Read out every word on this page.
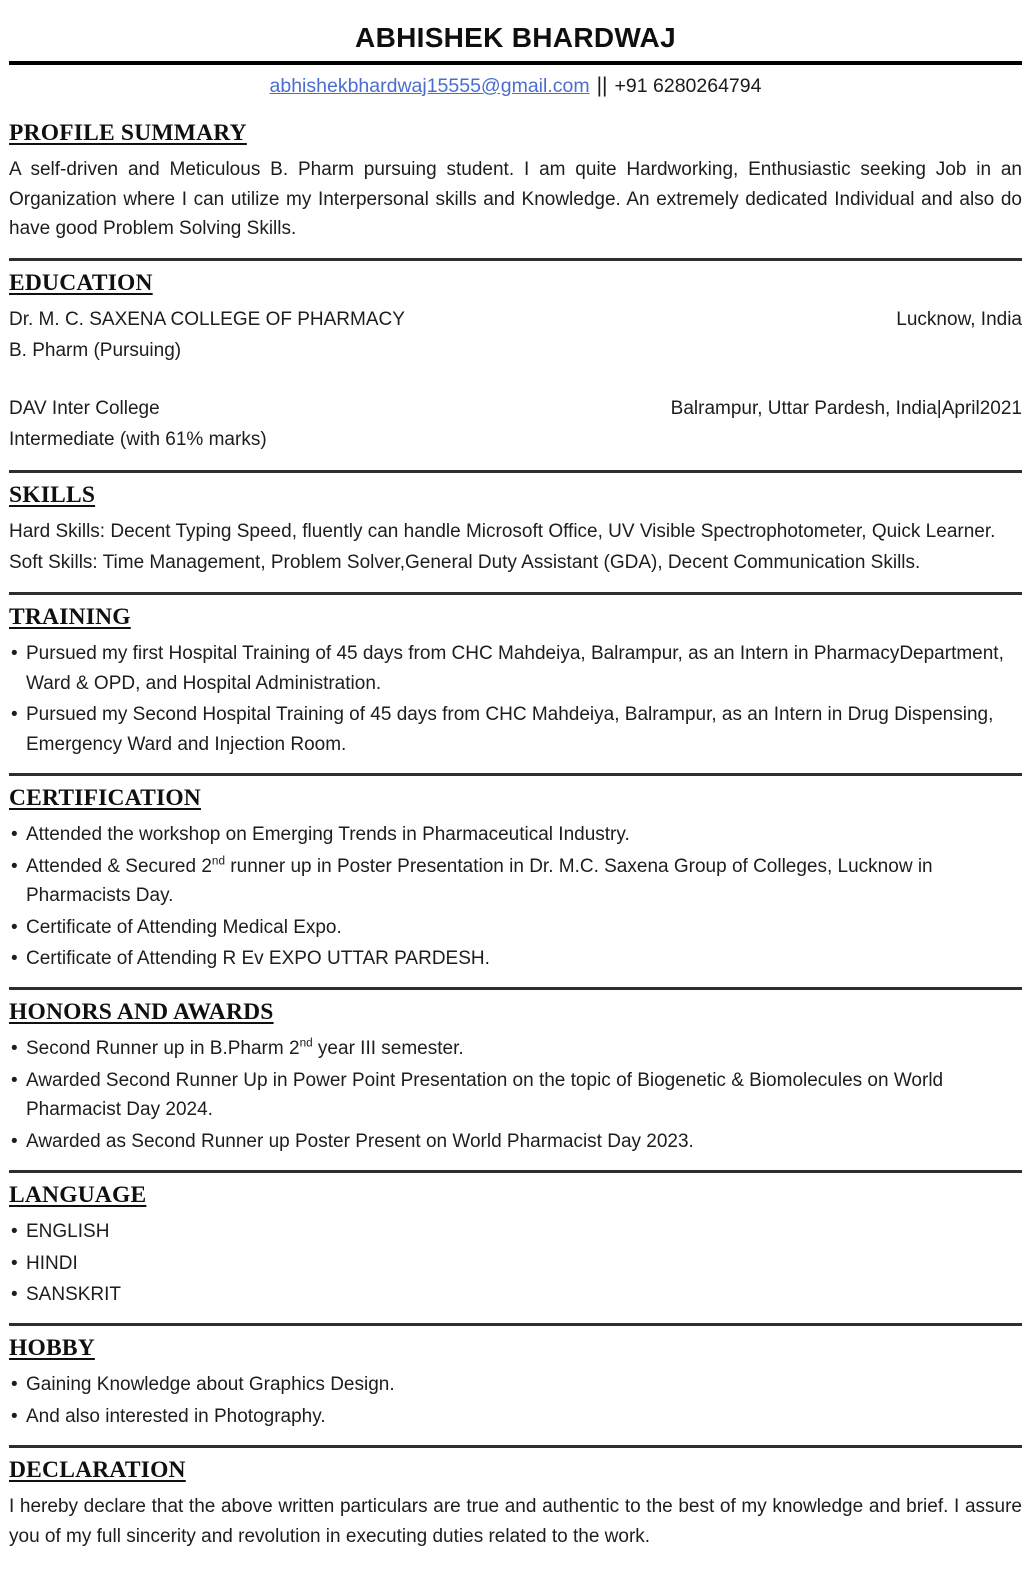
ABHISHEK BHARDWAJ
abhishekbhardwaj15555@gmail.com || +91 6280264794
PROFILE SUMMARY

A self-driven and Meticulous B. Pharm pursuing student. I am quite Hardworking, Enthusiastic seeking Job in an Organization where I can utilize my Interpersonal skills and Knowledge. An extremely dedicated Individual and also do have good Problem Solving Skills.

EDUCATION
Dr. M. C. SAXENA COLLEGE OF PHARMACY	Lucknow, India
B. Pharm (Pursuing)
DAV Inter College	Balrampur, Uttar Pardesh, India|April2021
Intermediate (with 61% marks)
SKILLS
Hard Skills: Decent Typing Speed, fluently can handle Microsoft Office, UV Visible Spectrophotometer, Quick Learner.
Soft Skills: Time Management, Problem Solver,General Duty Assistant (GDA), Decent Communication Skills.
TRAINING
• Pursued my first Hospital Training of 45 days from CHC Mahdeiya, Balrampur, as an Intern in PharmacyDepartment, Ward & OPD, and Hospital Administration.
• Pursued my Second Hospital Training of 45 days from CHC Mahdeiya, Balrampur, as an Intern in Drug Dispensing, Emergency Ward and Injection Room.
CERTIFICATION
• Attended the workshop on Emerging Trends in Pharmaceutical Industry.
• Attended & Secured 2nd runner up in Poster Presentation in Dr. M.C. Saxena Group of Colleges, Lucknow in Pharmacists Day.
• Certificate of Attending Medical Expo.
• Certificate of Attending R Ev EXPO UTTAR PARDESH.
HONORS AND AWARDS
• Second Runner up in B.Pharm 2nd year III semester.
• Awarded Second Runner Up in Power Point Presentation on the topic of Biogenetic & Biomolecules on World Pharmacist Day 2024.
• Awarded as Second Runner up Poster Present on World Pharmacist Day 2023.
LANGUAGE
• ENGLISH
• HINDI
• SANSKRIT
HOBBY
• Gaining Knowledge about Graphics Design.
• And also interested in Photography.
DECLARATION

I hereby declare that the above written particulars are true and authentic to the best of my knowledge and brief. I assure you of my full sincerity and revolution in executing duties related to the work.
